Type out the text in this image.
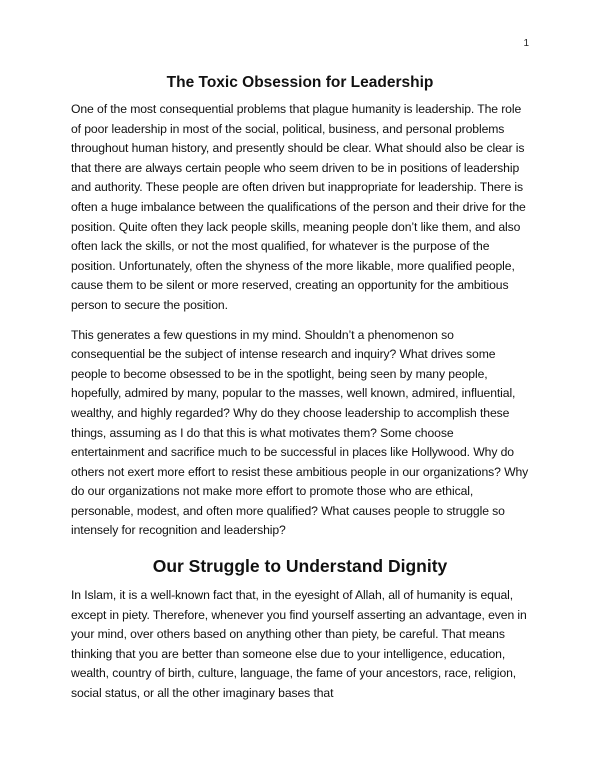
1
The Toxic Obsession for Leadership

One of the most consequential problems that plague humanity is leadership. The role of poor leadership in most of the social, political, business, and personal problems throughout human history, and presently should be clear. What should also be clear is that there are always certain people who seem driven to be in positions of leadership and authority. These people are often driven but inappropriate for leadership. There is often a huge imbalance between the qualifications of the person and their drive for the position. Quite often they lack people skills, meaning people don’t like them, and also often lack the skills, or not the most qualified, for whatever is the purpose of the position. Unfortunately, often the shyness of the more likable, more qualified people, cause them to be silent or more reserved, creating an opportunity for the ambitious person to secure the position.

This generates a few questions in my mind. Shouldn’t a phenomenon so consequential be the subject of intense research and inquiry? What drives some people to become obsessed to be in the spotlight, being seen by many people, hopefully, admired by many, popular to the masses, well known, admired, influential, wealthy, and highly regarded? Why do they choose leadership to accomplish these things, assuming as I do that this is what motivates them? Some choose entertainment and sacrifice much to be successful in places like Hollywood. Why do others not exert more effort to resist these ambitious people in our organizations? Why do our organizations not make more effort to promote those who are ethical, personable, modest, and often more qualified? What causes people to struggle so intensely for recognition and leadership?

Our Struggle to Understand Dignity

In Islam, it is a well-known fact that, in the eyesight of Allah, all of humanity is equal, except in piety. Therefore, whenever you find yourself asserting an advantage, even in your mind, over others based on anything other than piety, be careful. That means thinking that you are better than someone else due to your intelligence, education, wealth, country of birth, culture, language, the fame of your ancestors, race, religion, social status, or all the other imaginary bases that
